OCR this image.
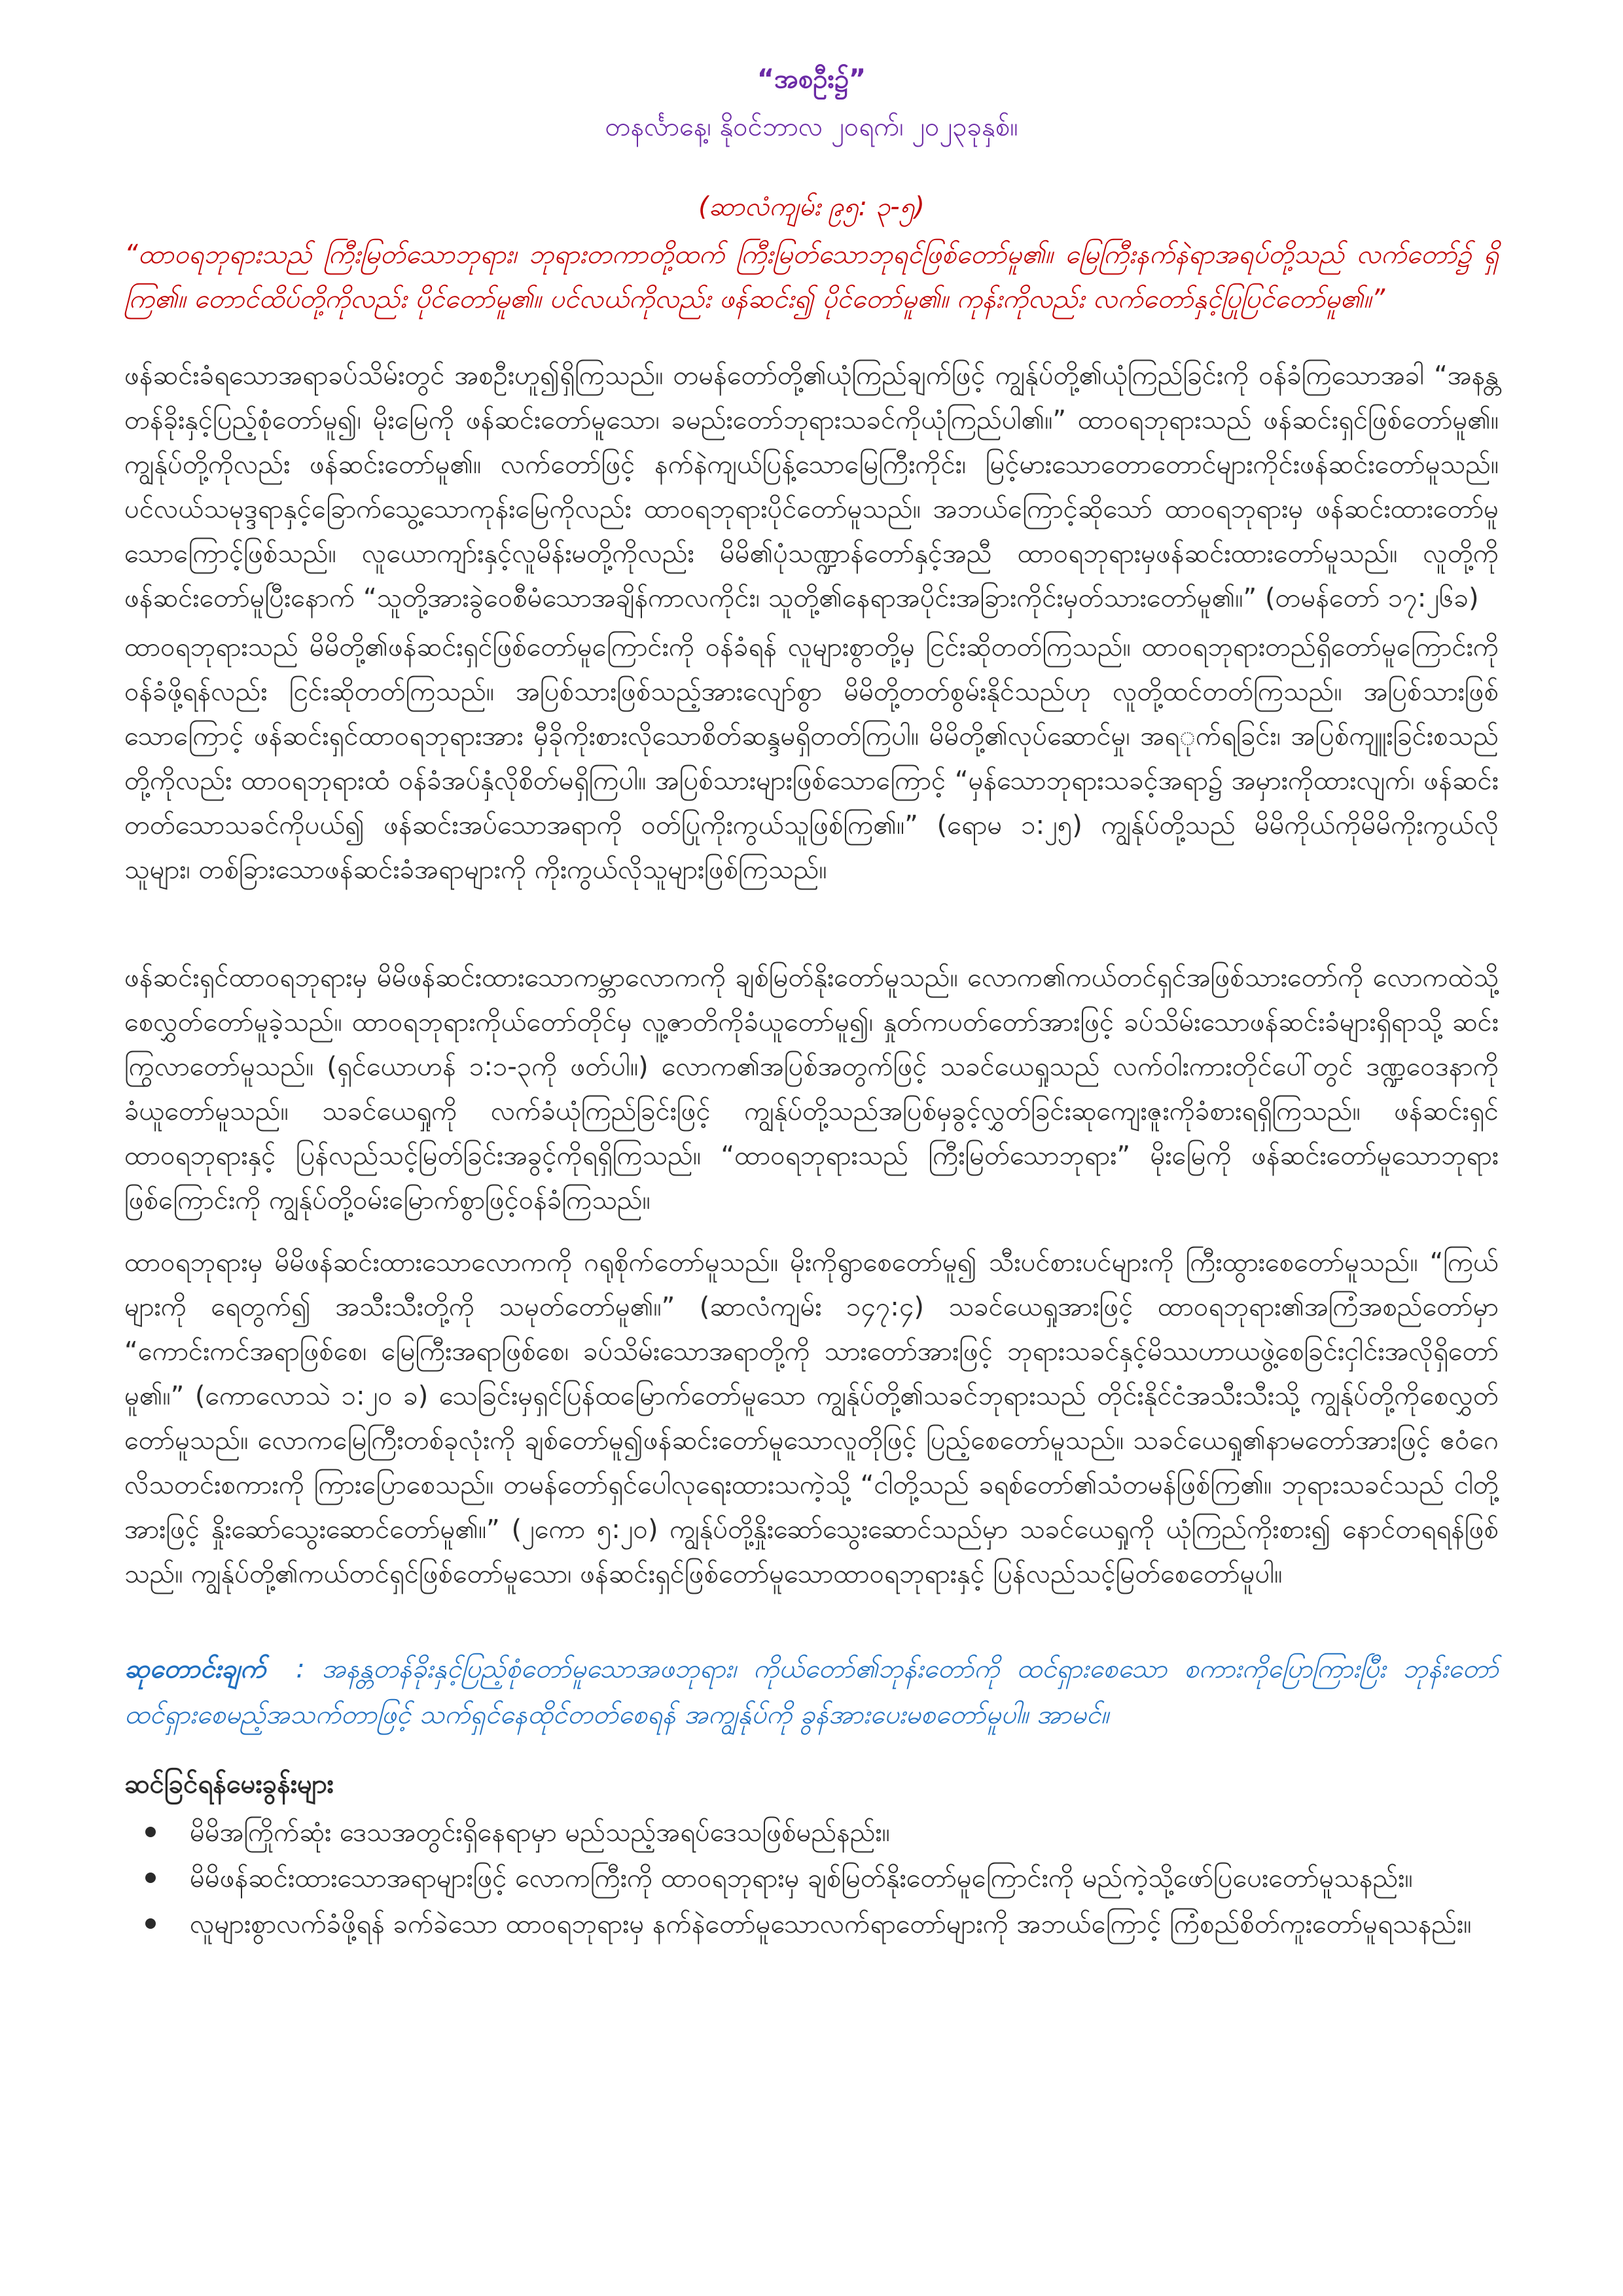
“အစဦး၌”
တနင်္လာနေ့၊ နိုဝင်ဘာလ ၂၀ရက်၊ ၂၀၂၃ခုနှစ်။
(ဆာလံကျမ်း ၉၅: ၃-၅)
“ထာဝရဘုရားသည် ကြီးမြတ်သောဘုရား၊ ဘုရားတကာတို့ထက် ကြီးမြတ်သောဘုရင်ဖြစ်တော်မူ၏။ မြေကြီးနက်နဲရာအရပ်တို့သည် လက်တော်၌ ရှိကြ၏။ တောင်ထိပ်တို့ကိုလည်း ပိုင်တော်မူ၏။ ပင်လယ်ကိုလည်း ဖန်ဆင်း၍ ပိုင်တော်မူ၏။ ကုန်းကိုလည်း လက်တော်နှင့်ပြုပြင်တော်မူ၏။”
ဖန်ဆင်းခံရသောအရာခပ်သိမ်းတွင် အစဦးဟူ၍ရှိကြသည်။ တမန်တော်တို့၏ယုံကြည်ချက်ဖြင့် ကျွန်ုပ်တို့၏ယုံကြည်ခြင်းကို ဝန်ခံကြသောအခါ “အနန္တတန်ခိုးနှင့်ပြည့်စုံတော်မူ၍၊ မိုးမြေကို ဖန်ဆင်းတော်မူသော၊ ခမည်းတော်ဘုရားသခင်ကိုယုံကြည်ပါ၏။” ထာဝရဘုရားသည် ဖန်ဆင်းရှင်ဖြစ်တော်မူ၏။ ကျွန်ုပ်တို့ကိုလည်း ဖန်ဆင်းတော်မူ၏။ လက်တော်ဖြင့် နက်နဲကျယ်ပြန့်သောမြေကြီးကိုင်း၊ မြင့်မားသောတောတောင်များကိုင်းဖန်ဆင်းတော်မူသည်။ ပင်လယ်သမုဒ္ဒရာနှင့်ခြောက်သွေ့သောကုန်းမြေကိုလည်း ထာဝရဘုရားပိုင်တော်မူသည်။ အဘယ်ကြောင့်ဆိုသော် ထာဝရဘုရားမှ ဖန်ဆင်းထားတော်မူသောကြောင့်ဖြစ်သည်။ လူယောကျာ်းနှင့်လူမိန်းမတို့ကိုလည်း မိမိ၏ပုံသဏ္ဍာန်တော်နှင့်အညီ ထာဝရဘုရားမှဖန်ဆင်းထားတော်မူသည်။ လူတို့ကို ဖန်ဆင်းတော်မူပြီးနောက် “သူတို့အားခွဲဝေစီမံသောအချိန်ကာလကိုင်း၊ သူတို့၏နေရာအပိုင်းအခြားကိုင်းမှတ်သားတော်မူ၏။” (တမန်တော် ၁၇:၂၆ခ)
ထာဝရဘုရားသည် မိမိတို့၏ဖန်ဆင်းရှင်ဖြစ်တော်မူကြောင်းကို ဝန်ခံရန် လူများစွာတို့မှ ငြင်းဆိုတတ်ကြသည်။ ထာဝရဘုရားတည်ရှိတော်မူကြောင်းကို ဝန်ခံဖို့ရန်လည်း ငြင်းဆိုတတ်ကြသည်။ အပြစ်သားဖြစ်သည့်အားလျော်စွာ မိမိတို့တတ်စွမ်းနိုင်သည်ဟု လူတို့ထင်တတ်ကြသည်။ အပြစ်သားဖြစ်သောကြောင့် ဖန်ဆင်းရှင်ထာဝရဘုရားအား မှီခိုကိုးစားလိုသောစိတ်ဆန္ဒမရှိတတ်ကြပါ။ မိမိတို့၏လုပ်ဆောင်မှု၊ အရ​ုက်ရခြင်း၊ အပြစ်ကျူးခြင်းစသည်တို့ကိုလည်း ထာဝရဘုရားထံ ဝန်ခံအပ်နှံလိုစိတ်မရှိကြပါ။ အပြစ်သားများဖြစ်သောကြောင့် “မှန်သောဘုရားသခင့်အရာ၌ အမှားကိုထားလျက်၊ ဖန်ဆင်းတတ်သောသခင်ကိုပယ်၍ ဖန်ဆင်းအပ်သောအရာကို ဝတ်ပြုကိုးကွယ်သူဖြစ်ကြ၏။” (ရောမ ၁:၂၅) ကျွန်ုပ်တို့သည် မိမိကိုယ်ကိုမိမိကိုးကွယ်လိုသူများ၊ တစ်ခြားသောဖန်ဆင်းခံအရာများကို ကိုးကွယ်လိုသူများဖြစ်ကြသည်။
ဖန်ဆင်းရှင်ထာဝရဘုရားမှ မိမိဖန်ဆင်းထားသောကမ္ဘာလောကကို ချစ်မြတ်နိုးတော်မူသည်။ လောက၏ကယ်တင်ရှင်အဖြစ်သားတော်ကို လောကထဲသို့ စေလွှတ်တော်မူခဲ့သည်။ ထာဝရဘုရားကိုယ်တော်တိုင်မှ လူ့ဇာတိကိုခံယူတော်မူ၍၊ နှုတ်ကပတ်တော်အားဖြင့် ခပ်သိမ်းသောဖန်ဆင်းခံများရှိရာသို့ ဆင်းကြွလာတော်မူသည်။ (ရှင်ယောဟန် ၁:၁-၃ကို ဖတ်ပါ။) လောက၏အပြစ်အတွက်ဖြင့် သခင်ယေရှုသည် လက်ဝါးကားတိုင်ပေါ်တွင် ဒဏ္ဍဝေဒနာကိုခံယူတော်မူသည်။ သခင်ယေရှုကို လက်ခံယုံကြည်ခြင်းဖြင့် ကျွန်ုပ်တို့သည်အပြစ်မှခွင့်လွှတ်ခြင်းဆုကျေးဇူးကိုခံစားရရှိကြသည်။ ဖန်ဆင်းရှင်ထာဝရဘုရားနှင့် ပြန်လည်သင့်မြတ်ခြင်းအခွင့်ကိုရရှိကြသည်။ “ထာဝရဘုရားသည် ကြီးမြတ်သောဘုရား” မိုးမြေကို ဖန်ဆင်းတော်မူသောဘုရားဖြစ်ကြောင်းကို ကျွန်ုပ်တို့ဝမ်းမြောက်စွာဖြင့်ဝန်ခံကြသည်။
ထာဝရဘုရားမှ မိမိဖန်ဆင်းထားသောလောကကို ဂရုစိုက်တော်မူသည်။ မိုးကိုရွာစေတော်မူ၍ သီးပင်စားပင်များကို ကြီးထွားစေတော်မူသည်။ “ကြယ်များကို ရေတွက်၍ အသီးသီးတို့ကို သမုတ်တော်မူ၏။” (ဆာလံကျမ်း ၁၄၇:၄) သခင်ယေရှုအားဖြင့် ထာဝရဘုရား၏အကြံအစည်တော်မှာ “ကောင်းကင်အရာဖြစ်စေ၊ မြေကြီးအရာဖြစ်စေ၊ ခပ်သိမ်းသောအရာတို့ကို သားတော်အားဖြင့် ဘုရားသခင်နှင့်မိဿဟာယဖွဲ့စေခြင်းငှါင်းအလိုရှိတော်မူ၏။” (ကောလောသဲ ၁:၂၀ ခ) သေခြင်းမှရှင်ပြန်ထမြောက်တော်မူသော ကျွန်ုပ်တို့၏သခင်ဘုရားသည် တိုင်းနိုင်ငံအသီးသီးသို့ ကျွန်ုပ်တို့ကိုစေလွှတ်တော်မူသည်။ လောကမြေကြီးတစ်ခုလုံးကို ချစ်တော်မူ၍ဖန်ဆင်းတော်မူသောလူတိုဖြင့် ပြည့်စေတော်မူသည်။ သခင်ယေရှု၏နာမတော်အားဖြင့် ဧဝံဂေလိသတင်းစကားကို ကြားပြောစေသည်။ တမန်တော်ရှင်ပေါလုရေးထားသကဲ့သို့ “ငါတို့သည် ခရစ်တော်၏သံတမန်ဖြစ်ကြ၏။ ဘုရားသခင်သည် ငါတို့အားဖြင့် နှိုးဆော်သွေးဆောင်တော်မူ၏။” (၂ကော ၅:၂၀) ကျွန်ုပ်တို့နှိုးဆော်သွေးဆောင်သည်မှာ သခင်ယေရှုကို ယုံကြည်ကိုးစား၍ နောင်တရရန်ဖြစ်သည်။ ကျွန်ုပ်တို့၏ကယ်တင်ရှင်ဖြစ်တော်မူသော၊ ဖန်ဆင်းရှင်ဖြစ်တော်မူသောထာဝရဘုရားနှင့် ပြန်လည်သင့်မြတ်စေတော်မူပါ။
ဆုတောင်းချက် : အနန္တတန်ခိုးနှင့်ပြည့်စုံတော်မူသောအဖဘုရား၊ ကိုယ်တော်၏ဘုန်းတော်ကို ထင်ရှားစေသော စကားကိုပြောကြားပြီး ဘုန်းတော်ထင်ရှားစေမည့်အသက်တာဖြင့် သက်ရှင်နေထိုင်တတ်စေရန် အကျွန်ုပ်ကို ခွန်အားပေးမစတော်မူပါ။ အာမင်။
ဆင်ခြင်ရန်မေးခွန်းများ
မိမိအကြိုက်ဆုံး ဒေသအတွင်းရှိနေရာမှာ မည်သည့်အရပ်ဒေသဖြစ်မည်နည်း။
မိမိဖန်ဆင်းထားသောအရာများဖြင့် လောကကြီးကို ထာဝရဘုရားမှ ချစ်မြတ်နိုးတော်မူကြောင်းကို မည်ကဲ့သို့ဖော်ပြပေးတော်မူသနည်း။
လူများစွာလက်ခံဖို့ရန် ခက်ခဲသော ထာဝရဘုရားမှ နက်နဲတော်မူသောလက်ရာတော်များကို အဘယ်ကြောင့် ကြံစည်စိတ်ကူးတော်မူရသနည်း။
